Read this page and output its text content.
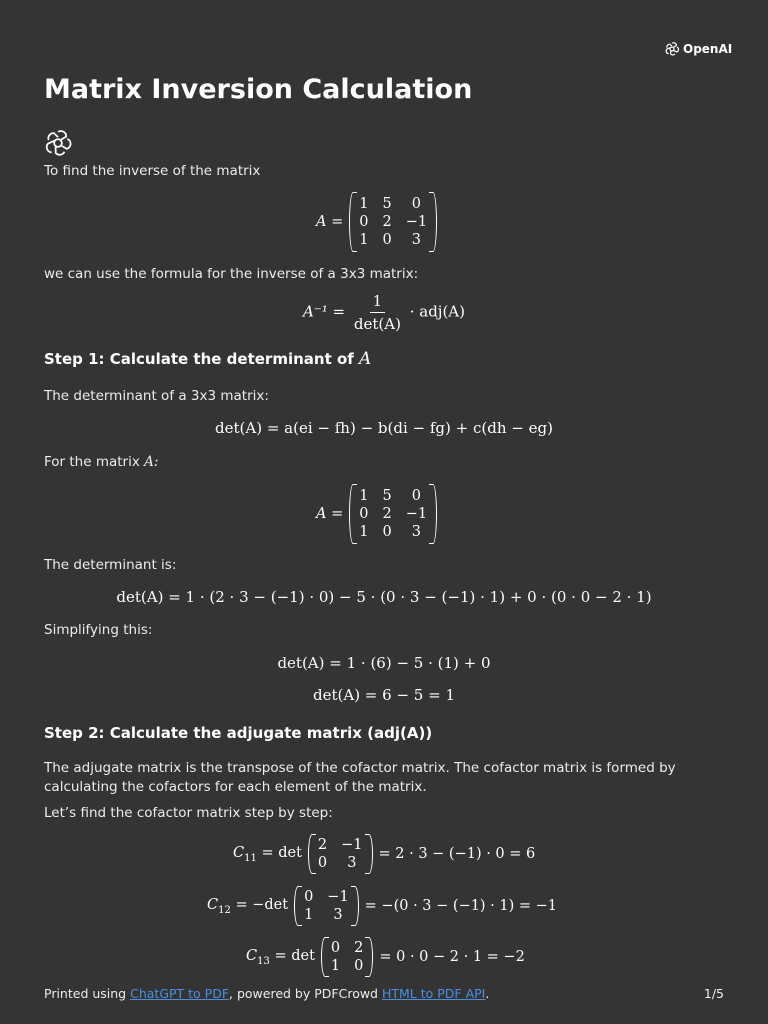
OpenAI
Matrix Inversion Calculation

To find the inverse of the matrix

A =
1 5	0
0 2 −1
1 0	3

we can use the formula for the inverse of a 3x3 matrix:

$A^{-1} = \frac{1}{\det(A)} \cdot adj(A)$
Step 1: Calculate the determinant of A

The determinant of a 3x3 matrix:

det(A) = a(ei − fh) − b(di − fg) + c(dh − eg)

For the matrix A:

A =
1 5	0
0 2 −1
1 0	3

The determinant is:

det(A) = 1 · (2 · 3 − (−1) · 0) − 5 · (0 · 3 − (−1) · 1) + 0 · (0 · 0 − 2 · 1)

Simplifying this:

det(A) = 1 · (6) − 5 · (1) + 0
det(A) = 6 − 5 = 1
Step 2: Calculate the adjugate matrix (adj(A))

The adjugate matrix is the transpose of the cofactor matrix. The cofactor matrix is formed by calculating the cofactors for each element of the matrix.

Let’s find the cofactor matrix step by step:

$C_{11} = \det 2 -1$
0	3
= 2 · 3 − (−1) · 0 = 6
$C_{12} = -\det$ 0 −1
1	3
= −(0 · 3 − (−1) · 1) = −1
$C_{13} = \det 0$ 2
1 0
= 0 · 0 − 2 · 1 = −2
Printed using ChatGPT to PDF, powered by PDFCrowd HTML to PDF API.	1/5
